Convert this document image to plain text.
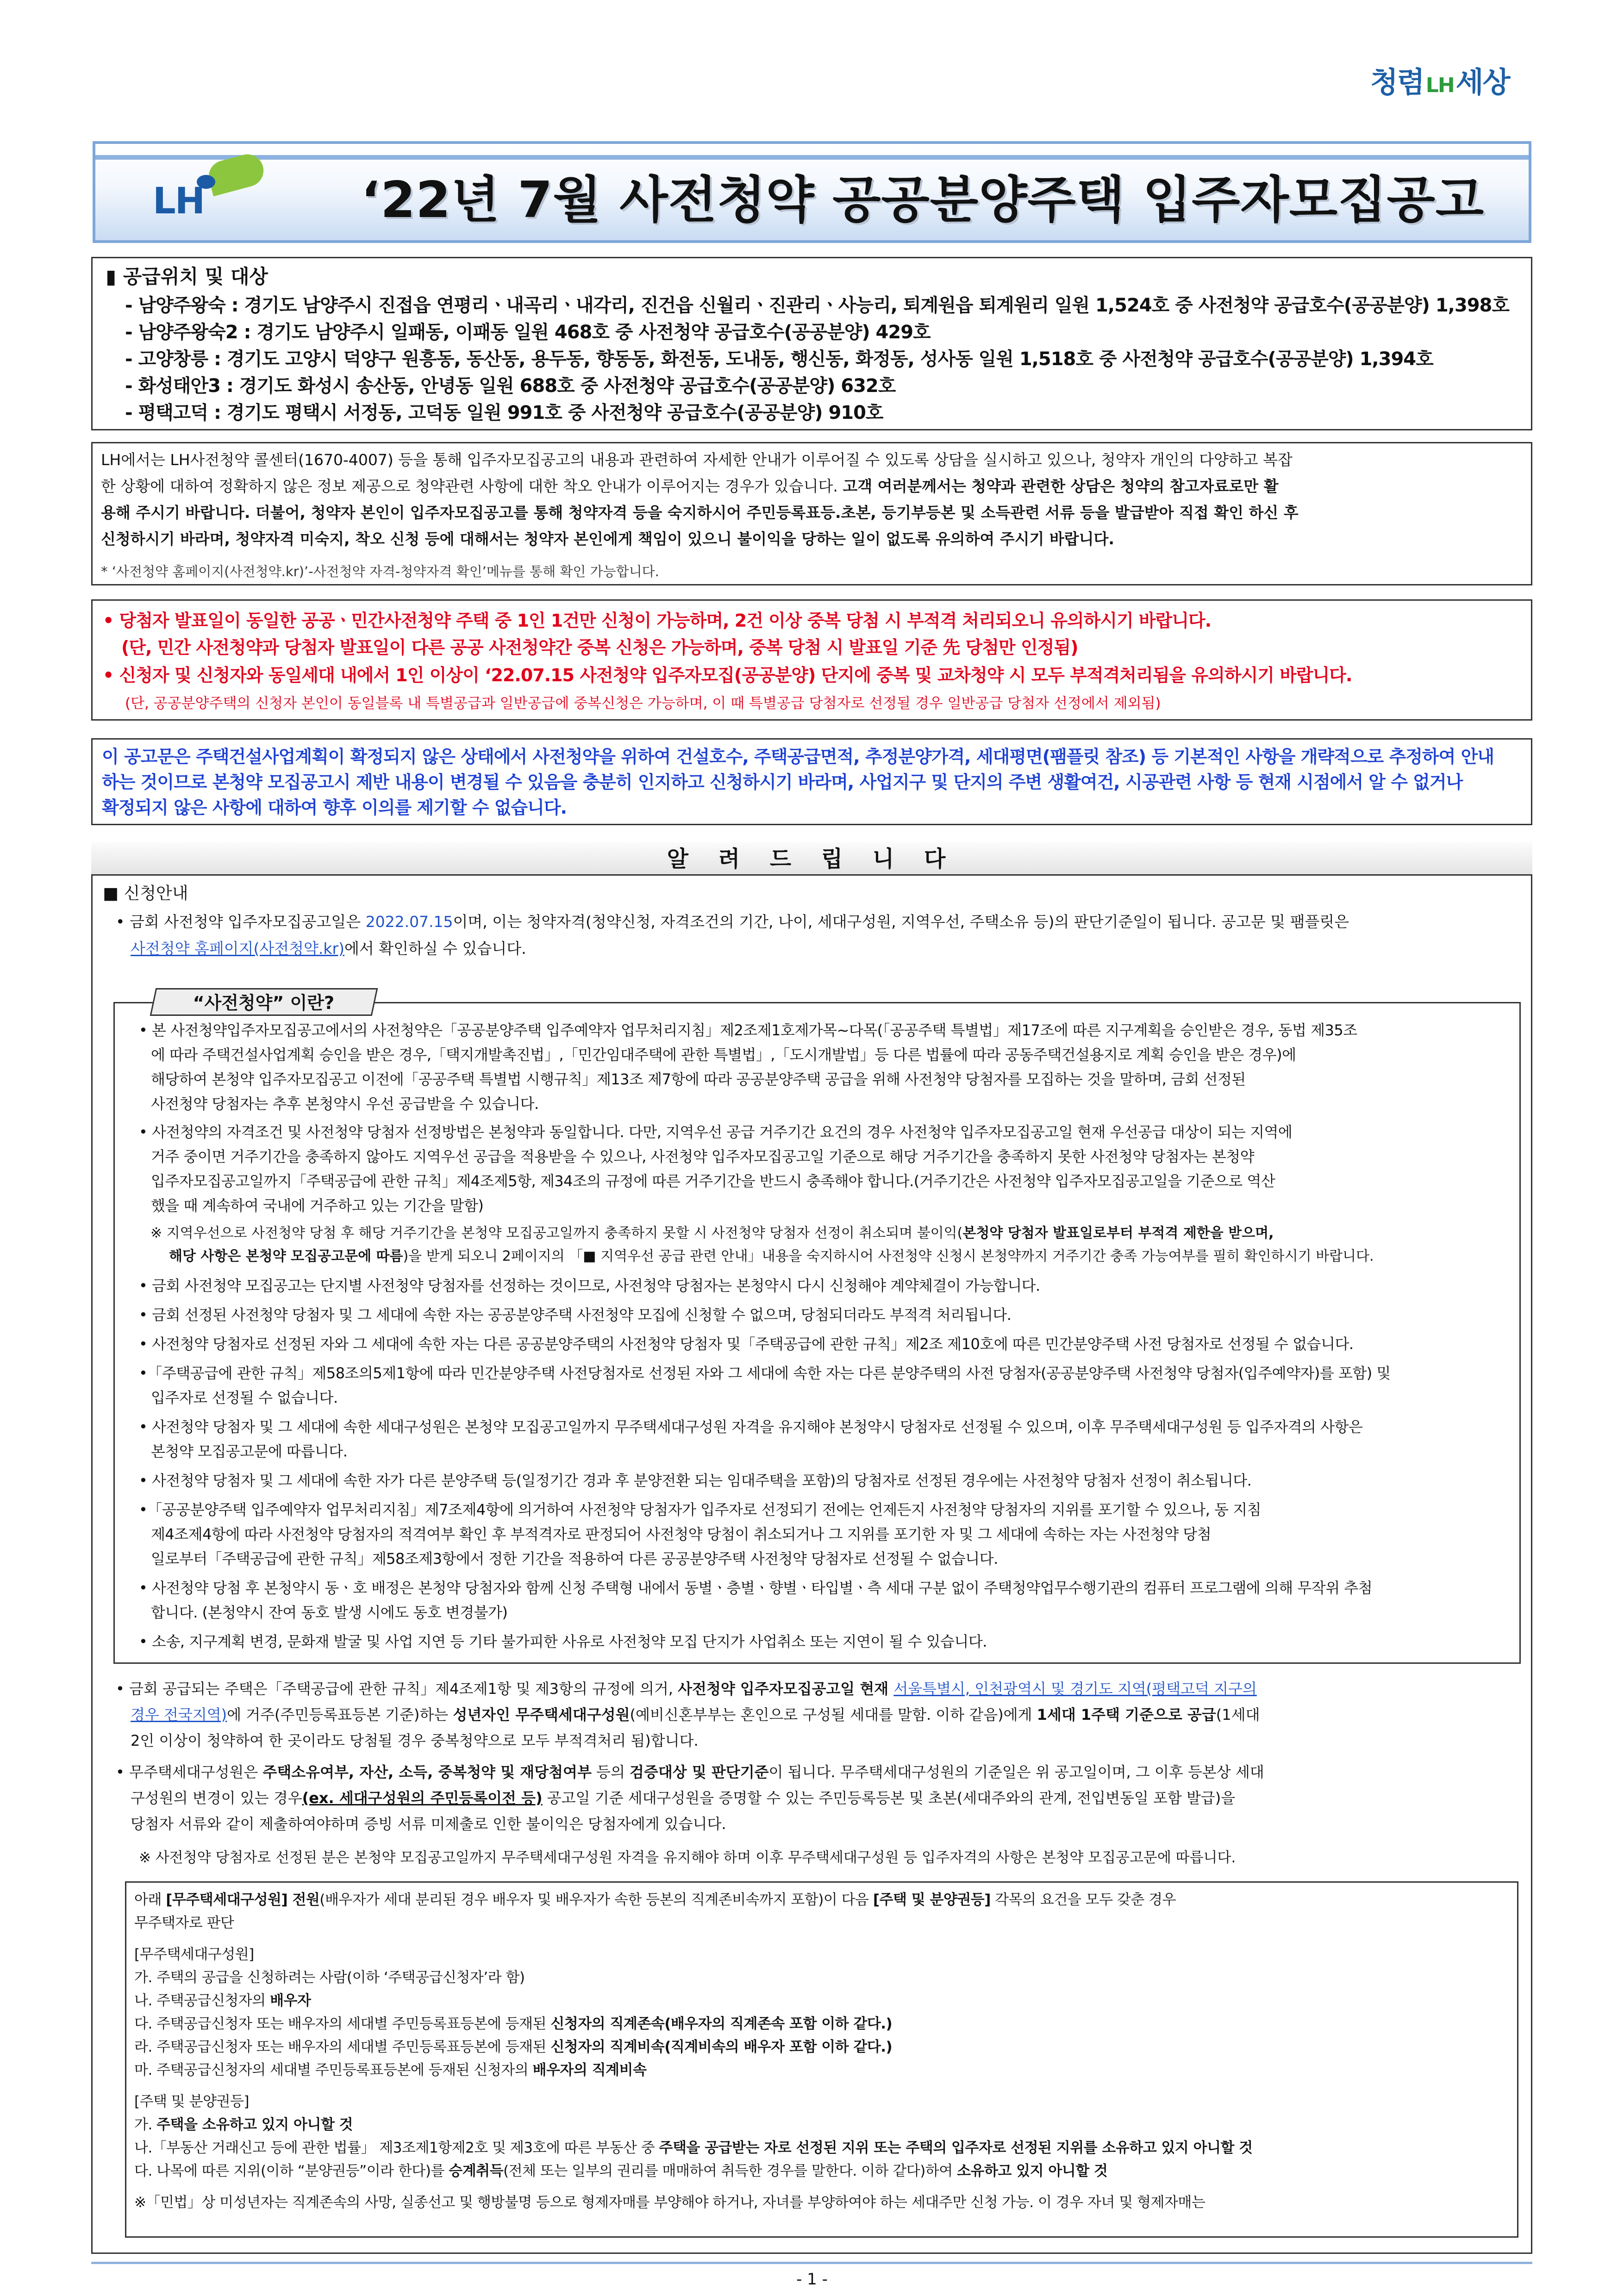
청렴LH세상
LH	‘22년 7월 사전청약 공공분양주택 입주자모집공고
▮ 공급위치 및 대상
- 남양주왕숙 : 경기도 남양주시 진접읍 연평리ㆍ내곡리ㆍ내각리, 진건읍 신월리ㆍ진관리ㆍ사능리, 퇴계원읍 퇴계원리 일원 1,524호 중 사전청약 공급호수(공공분양) 1,398호
- 남양주왕숙2 : 경기도 남양주시 일패동, 이패동 일원 468호 중 사전청약 공급호수(공공분양) 429호
- 고양창릉 : 경기도 고양시 덕양구 원흥동, 동산동, 용두동, 향동동, 화전동, 도내동, 행신동, 화정동, 성사동 일원 1,518호 중 사전청약 공급호수(공공분양) 1,394호
- 화성태안3 : 경기도 화성시 송산동, 안녕동 일원 688호 중 사전청약 공급호수(공공분양) 632호
- 평택고덕 : 경기도 평택시 서정동, 고덕동 일원 991호 중 사전청약 공급호수(공공분양) 910호
LH에서는 LH사전청약 콜센터(1670-4007) 등을 통해 입주자모집공고의 내용과 관련하여 자세한 안내가 이루어질 수 있도록 상담을 실시하고 있으나, 청약자 개인의 다양하고 복잡
한 상황에 대하여 정확하지 않은 정보 제공으로 청약관련 사항에 대한 착오 안내가 이루어지는 경우가 있습니다. 고객 여러분께서는 청약과 관련한 상담은 청약의 참고자료로만 활
용해 주시기 바랍니다. 더불어, 청약자 본인이 입주자모집공고를 통해 청약자격 등을 숙지하시어 주민등록표등.초본, 등기부등본 및 소득관련 서류 등을 발급받아 직접 확인 하신 후
신청하시기 바라며, 청약자격 미숙지, 착오 신청 등에 대해서는 청약자 본인에게 책임이 있으니 불이익을 당하는 일이 없도록 유의하여 주시기 바랍니다.
* ‘사전청약 홈페이지(사전청약.kr)’-사전청약 자격-청약자격 확인’메뉴를 통해 확인 가능합니다.
• 당첨자 발표일이 동일한 공공ㆍ민간사전청약 주택 중 1인 1건만 신청이 가능하며, 2건 이상 중복 당첨 시 부적격 처리되오니 유의하시기 바랍니다.
(단, 민간 사전청약과 당첨자 발표일이 다른 공공 사전청약간 중복 신청은 가능하며, 중복 당첨 시 발표일 기준 先 당첨만 인정됨)
• 신청자 및 신청자와 동일세대 내에서 1인 이상이 ‘22.07.15 사전청약 입주자모집(공공분양) 단지에 중복 및 교차청약 시 모두 부적격처리됨을 유의하시기 바랍니다.
(단, 공공분양주택의 신청자 본인이 동일블록 내 특별공급과 일반공급에 중복신청은 가능하며, 이 때 특별공급 당첨자로 선정될 경우 일반공급 당첨자 선정에서 제외됨)
이 공고문은 주택건설사업계획이 확정되지 않은 상태에서 사전청약을 위하여 건설호수, 주택공급면적, 추정분양가격, 세대평면(팸플릿 참조) 등 기본적인 사항을 개략적으로 추정하여 안내
하는 것이므로 본청약 모집공고시 제반 내용이 변경될 수 있음을 충분히 인지하고 신청하시기 바라며, 사업지구 및 단지의 주변 생활여건, 시공관련 사항 등 현재 시점에서 알 수 없거나
확정되지 않은 사항에 대하여 향후 이의를 제기할 수 없습니다.
알 려 드 립 니 다
■ 신청안내
• 금회 사전청약 입주자모집공고일은 2022.07.15이며, 이는 청약자격(청약신청, 자격조건의 기간, 나이, 세대구성원, 지역우선, 주택소유 등)의 판단기준일이 됩니다. 공고문 및 팸플릿은
사전청약 홈페이지(사전청약.kr)에서 확인하실 수 있습니다.
“사전청약” 이란?
• 본 사전청약입주자모집공고에서의 사전청약은「공공분양주택 입주예약자 업무처리지침」제2조제1호제가목~다목(「공공주택 특별법」제17조에 따른 지구계획을 승인받은 경우, 동법 제35조
에 따라 주택건설사업계획 승인을 받은 경우,「택지개발촉진법」,「민간임대주택에 관한 특별법」,「도시개발법」등 다른 법률에 따라 공동주택건설용지로 계획 승인을 받은 경우)에
해당하여 본청약 입주자모집공고 이전에「공공주택 특별법 시행규칙」제13조 제7항에 따라 공공분양주택 공급을 위해 사전청약 당첨자를 모집하는 것을 말하며, 금회 선정된
사전청약 당첨자는 추후 본청약시 우선 공급받을 수 있습니다.
• 사전청약의 자격조건 및 사전청약 당첨자 선정방법은 본청약과 동일합니다. 다만, 지역우선 공급 거주기간 요건의 경우 사전청약 입주자모집공고일 현재 우선공급 대상이 되는 지역에
거주 중이면 거주기간을 충족하지 않아도 지역우선 공급을 적용받을 수 있으나, 사전청약 입주자모집공고일 기준으로 해당 거주기간을 충족하지 못한 사전청약 당첨자는 본청약
입주자모집공고일까지「주택공급에 관한 규칙」제4조제5항, 제34조의 규정에 따른 거주기간을 반드시 충족해야 합니다.(거주기간은 사전청약 입주자모집공고일을 기준으로 역산
했을 때 계속하여 국내에 거주하고 있는 기간을 말함)
※ 지역우선으로 사전청약 당첨 후 해당 거주기간을 본청약 모집공고일까지 충족하지 못할 시 사전청약 당첨자 선정이 취소되며 불이익(본청약 당첨자 발표일로부터 부적격 제한을 받으며,
해당 사항은 본청약 모집공고문에 따름)을 받게 되오니 2페이지의 「■ 지역우선 공급 관련 안내」내용을 숙지하시어 사전청약 신청시 본청약까지 거주기간 충족 가능여부를 필히 확인하시기 바랍니다.
• 금회 사전청약 모집공고는 단지별 사전청약 당첨자를 선정하는 것이므로, 사전청약 당첨자는 본청약시 다시 신청해야 계약체결이 가능합니다.
• 금회 선정된 사전청약 당첨자 및 그 세대에 속한 자는 공공분양주택 사전청약 모집에 신청할 수 없으며, 당첨되더라도 부적격 처리됩니다.
• 사전청약 당첨자로 선정된 자와 그 세대에 속한 자는 다른 공공분양주택의 사전청약 당첨자 및「주택공급에 관한 규칙」제2조 제10호에 따른 민간분양주택 사전 당첨자로 선정될 수 없습니다.
•「주택공급에 관한 규칙」제58조의5제1항에 따라 민간분양주택 사전당첨자로 선정된 자와 그 세대에 속한 자는 다른 분양주택의 사전 당첨자(공공분양주택 사전청약 당첨자(입주예약자)를 포함) 및
입주자로 선정될 수 없습니다.
• 사전청약 당첨자 및 그 세대에 속한 세대구성원은 본청약 모집공고일까지 무주택세대구성원 자격을 유지해야 본청약시 당첨자로 선정될 수 있으며, 이후 무주택세대구성원 등 입주자격의 사항은
본청약 모집공고문에 따릅니다.
• 사전청약 당첨자 및 그 세대에 속한 자가 다른 분양주택 등(일정기간 경과 후 분양전환 되는 임대주택을 포함)의 당첨자로 선정된 경우에는 사전청약 당첨자 선정이 취소됩니다.
•「공공분양주택 입주예약자 업무처리지침」제7조제4항에 의거하여 사전청약 당첨자가 입주자로 선정되기 전에는 언제든지 사전청약 당첨자의 지위를 포기할 수 있으나, 동 지침
제4조제4항에 따라 사전청약 당첨자의 적격여부 확인 후 부적격자로 판정되어 사전청약 당첨이 취소되거나 그 지위를 포기한 자 및 그 세대에 속하는 자는 사전청약 당첨
일로부터「주택공급에 관한 규칙」제58조제3항에서 정한 기간을 적용하여 다른 공공분양주택 사전청약 당첨자로 선정될 수 없습니다.
• 사전청약 당첨 후 본청약시 동ㆍ호 배정은 본청약 당첨자와 함께 신청 주택형 내에서 동별ㆍ층별ㆍ향별ㆍ타입별ㆍ측 세대 구분 없이 주택청약업무수행기관의 컴퓨터 프로그램에 의해 무작위 추첨
합니다. (본청약시 잔여 동호 발생 시에도 동호 변경불가)
• 소송, 지구계획 변경, 문화재 발굴 및 사업 지연 등 기타 불가피한 사유로 사전청약 모집 단지가 사업취소 또는 지연이 될 수 있습니다.
• 금회 공급되는 주택은「주택공급에 관한 규칙」제4조제1항 및 제3항의 규정에 의거, 사전청약 입주자모집공고일 현재 서울특별시, 인천광역시 및 경기도 지역(평택고덕 지구의
경우 전국지역)에 거주(주민등록표등본 기준)하는 성년자인 무주택세대구성원(예비신혼부부는 혼인으로 구성될 세대를 말함. 이하 같음)에게 1세대 1주택 기준으로 공급(1세대
2인 이상이 청약하여 한 곳이라도 당첨될 경우 중복청약으로 모두 부적격처리 됨)합니다.
• 무주택세대구성원은 주택소유여부, 자산, 소득, 중복청약 및 재당첨여부 등의 검증대상 및 판단기준이 됩니다. 무주택세대구성원의 기준일은 위 공고일이며, 그 이후 등본상 세대
구성원의 변경이 있는 경우(ex. 세대구성원의 주민등록이전 등) 공고일 기준 세대구성원을 증명할 수 있는 주민등록등본 및 초본(세대주와의 관계, 전입변동일 포함 발급)을
당첨자 서류와 같이 제출하여야하며 증빙 서류 미제출로 인한 불이익은 당첨자에게 있습니다.
※ 사전청약 당첨자로 선정된 분은 본청약 모집공고일까지 무주택세대구성원 자격을 유지해야 하며 이후 무주택세대구성원 등 입주자격의 사항은 본청약 모집공고문에 따릅니다.
아래 [무주택세대구성원] 전원(배우자가 세대 분리된 경우 배우자 및 배우자가 속한 등본의 직계존비속까지 포함)이 다음 [주택 및 분양권등] 각목의 요건을 모두 갖춘 경우
무주택자로 판단
[무주택세대구성원]
가. 주택의 공급을 신청하려는 사람(이하 ‘주택공급신청자’라 함)
나. 주택공급신청자의 배우자
다. 주택공급신청자 또는 배우자의 세대별 주민등록표등본에 등재된 신청자의 직계존속(배우자의 직계존속 포함 이하 같다.)
라. 주택공급신청자 또는 배우자의 세대별 주민등록표등본에 등재된 신청자의 직계비속(직계비속의 배우자 포함 이하 같다.)
마. 주택공급신청자의 세대별 주민등록표등본에 등재된 신청자의 배우자의 직계비속
[주택 및 분양권등]
가. 주택을 소유하고 있지 아니할 것
나.「부동산 거래신고 등에 관한 법률」 제3조제1항제2호 및 제3호에 따른 부동산 중 주택을 공급받는 자로 선정된 지위 또는 주택의 입주자로 선정된 지위를 소유하고 있지 아니할 것
다. 나목에 따른 지위(이하 “분양권등”이라 한다)를 승계취득(전체 또는 일부의 권리를 매매하여 취득한 경우를 말한다. 이하 같다)하여 소유하고 있지 아니할 것
※「민법」상 미성년자는 직계존속의 사망, 실종선고 및 행방불명 등으로 형제자매를 부양해야 하거나, 자녀를 부양하여야 하는 세대주만 신청 가능. 이 경우 자녀 및 형제자매는
- 1 -
